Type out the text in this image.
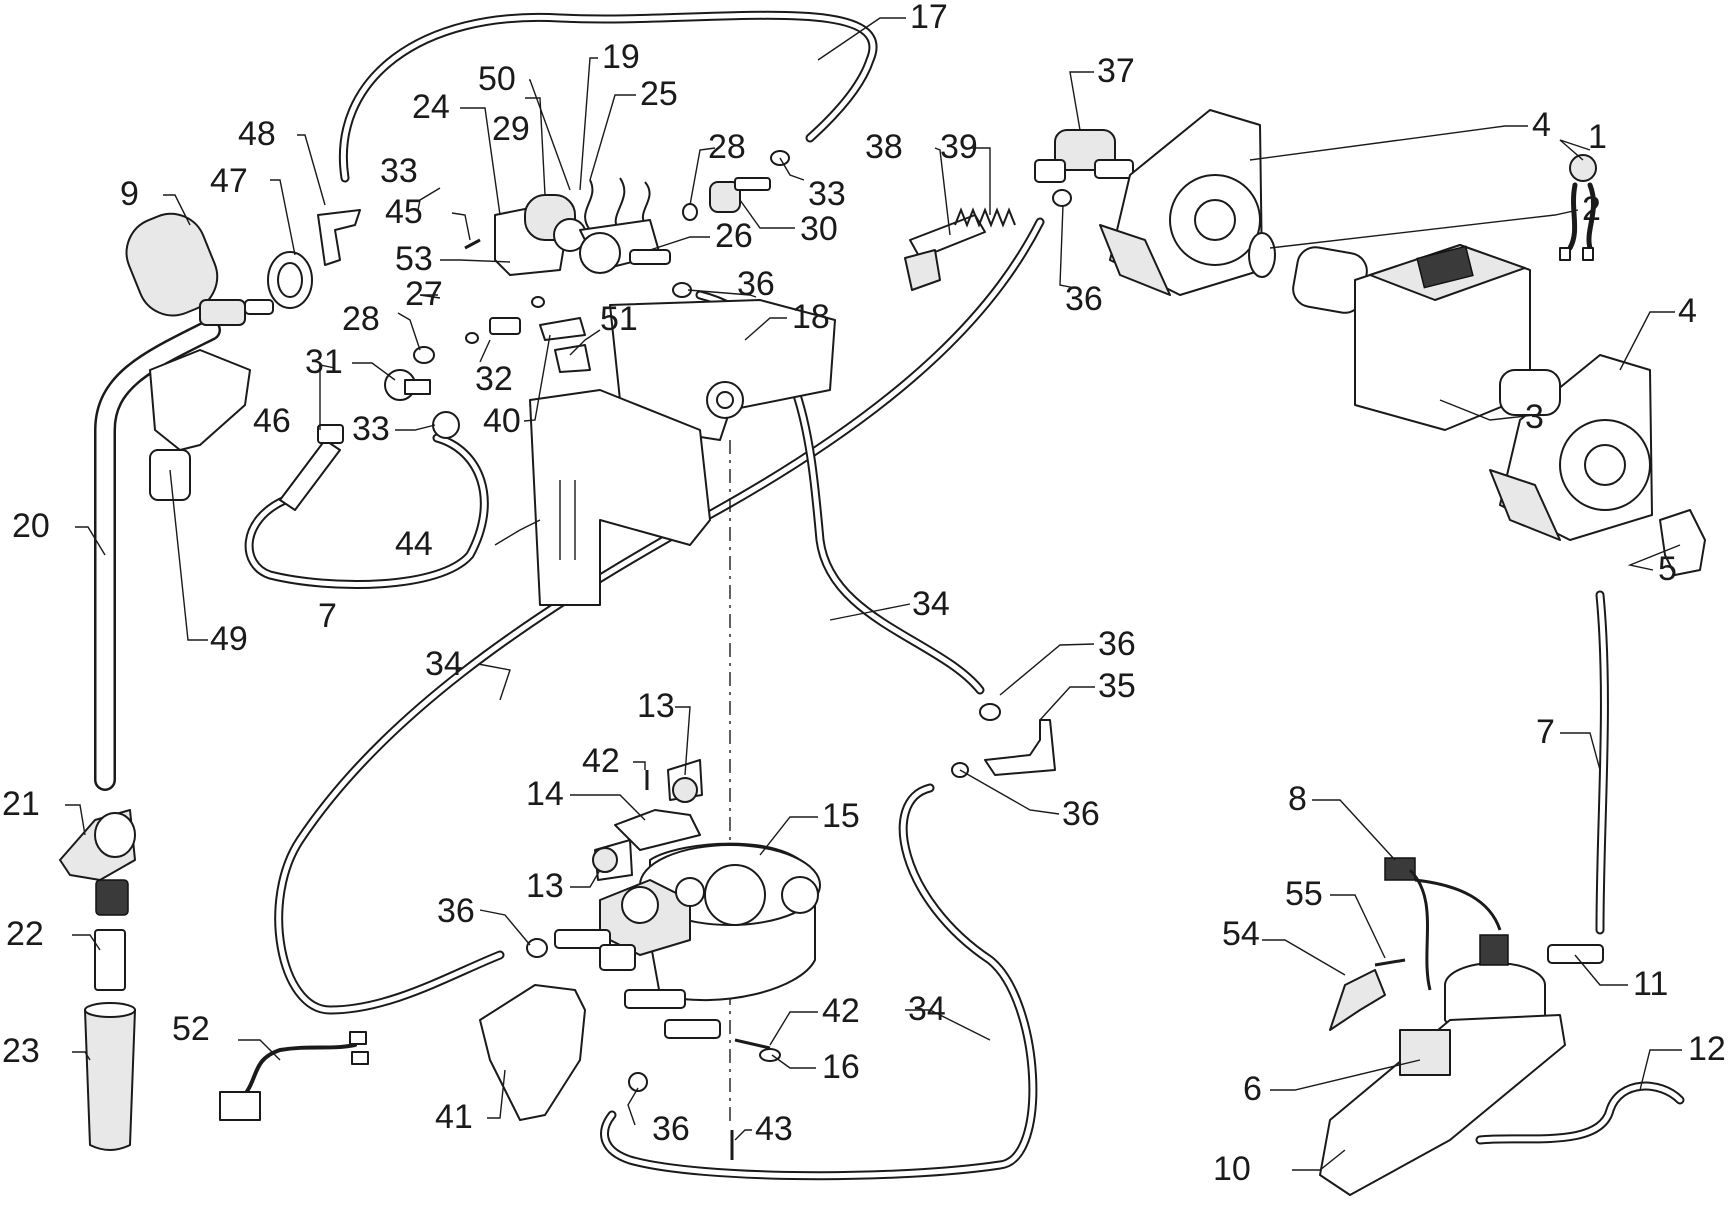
1
2
3
4
4
5
6
7
8
9
10
11
12
13
13
14
15
16
17
18
19
20
21
22
23
24	25
26
27
28
28
29
30
31	32
33
33
33
34
34
34
35
36
36
36
36
36
36
37
38 39
40
41
42
42
43
44
45
46
47
48
49
50
51
52
53
54
55
7
